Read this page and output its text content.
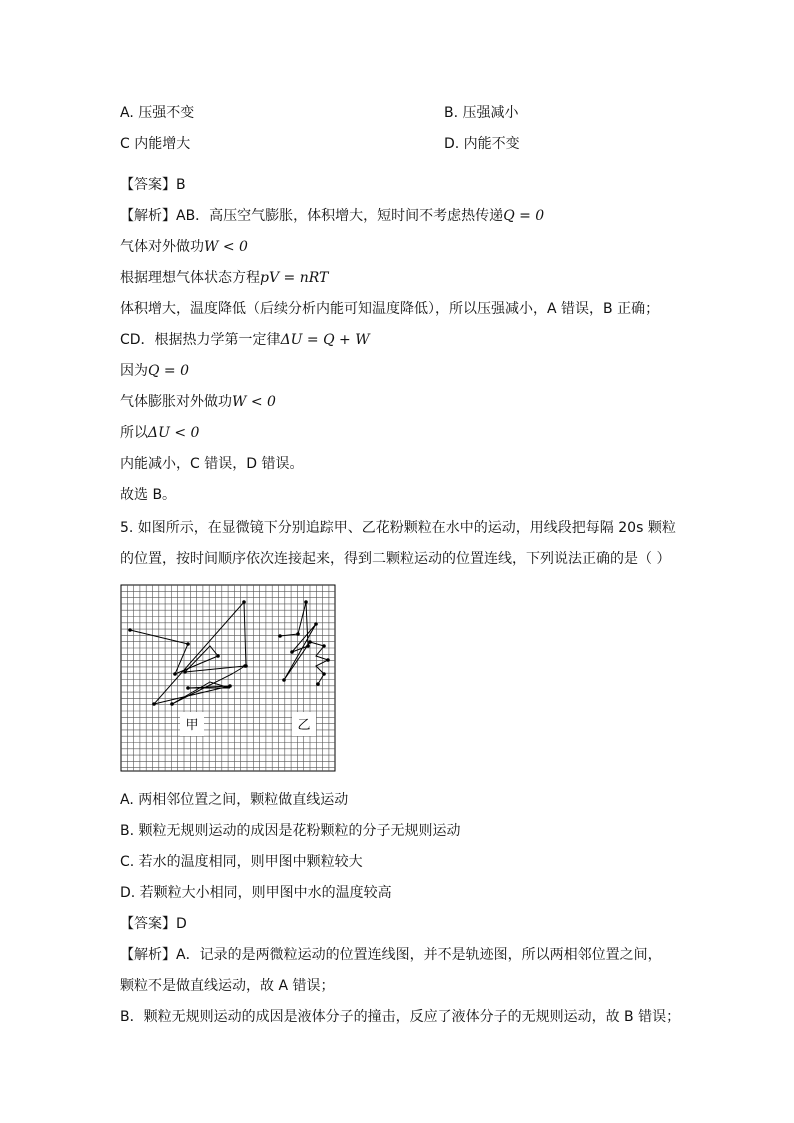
A. 压强不变	B. 压强减小
C 内能增大	D. 内能不变
【答案】B
【解析】AB．高压空气膨胀，体积增大，短时间不考虑热传递Q = 0
气体对外做功W < 0
根据理想气体状态方程pV = nRT
体积增大，温度降低（后续分析内能可知温度降低），所以压强减小，A 错误，B 正确；
CD．根据热力学第一定律ΔU = Q + W
因为Q = 0
气体膨胀对外做功W < 0
所以ΔU < 0
内能减小，C 错误，D 错误。
故选 B。
5. 如图所示，在显微镜下分别追踪甲、乙花粉颗粒在水中的运动，用线段把每隔 20s 颗粒
的位置，按时间顺序依次连接起来，得到二颗粒运动的位置连线，下列说法正确的是（ ）
甲	乙
A. 两相邻位置之间，颗粒做直线运动
B. 颗粒无规则运动的成因是花粉颗粒的分子无规则运动
C. 若水的温度相同，则甲图中颗粒较大
D. 若颗粒大小相同，则甲图中水的温度较高
【答案】D
【解析】A．记录的是两微粒运动的位置连线图，并不是轨迹图，所以两相邻位置之间，
颗粒不是做直线运动，故 A 错误；
B．颗粒无规则运动的成因是液体分子的撞击，反应了液体分子的无规则运动，故 B 错误；
